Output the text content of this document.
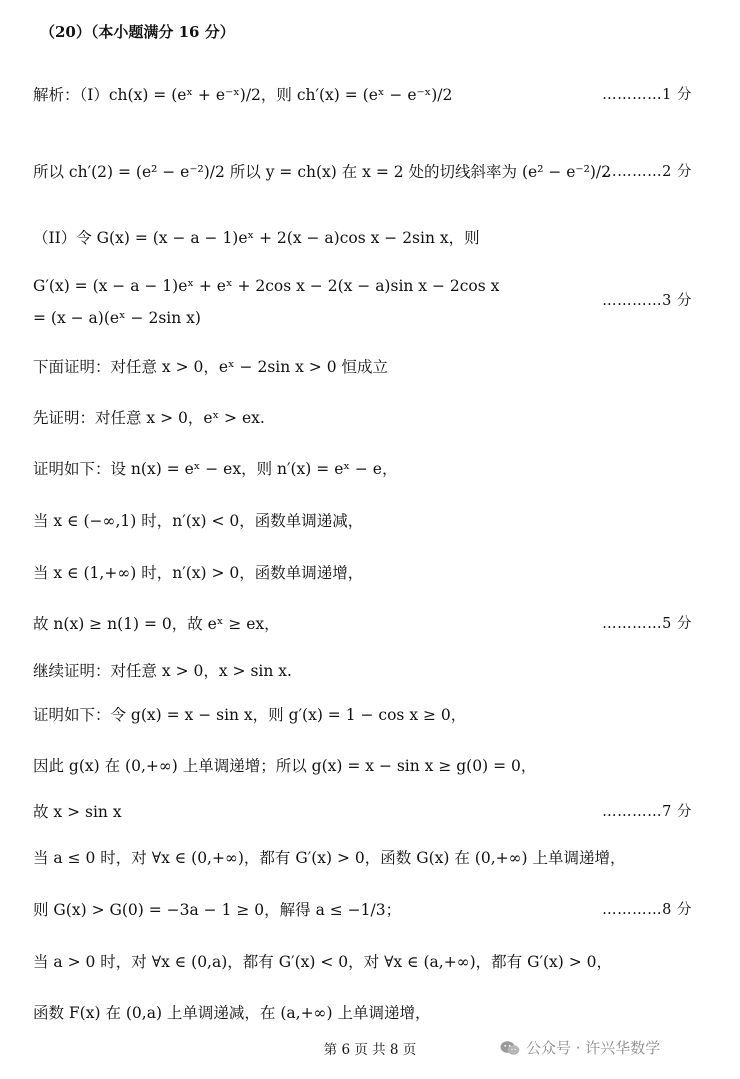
（20）（本小题满分 16 分）
解析：（I）ch(x) = (eˣ + e⁻ˣ)/2，则 ch′(x) = (eˣ − e⁻ˣ)/2	…………1 分
所以 ch′(2) = (e² − e⁻²)/2 所以 y = ch(x) 在 x = 2 处的切线斜率为 (e² − e⁻²)/2
…………2 分
（II）令 G(x) = (x − a − 1)eˣ + 2(x − a)cos x − 2sin x，则
G′(x) = (x − a − 1)eˣ + eˣ + 2cos x − 2(x − a)sin x − 2cos x
= (x − a)(eˣ − 2sin x)
…………3 分
下面证明：对任意 x > 0，eˣ − 2sin x > 0 恒成立
先证明：对任意 x > 0，eˣ > ex.
证明如下：设 n(x) = eˣ − ex，则 n′(x) = eˣ − e，
当 x ∈ (−∞,1) 时，n′(x) < 0，函数单调递减，
当 x ∈ (1,+∞) 时，n′(x) > 0，函数单调递增，
故 n(x) ≥ n(1) = 0，故 eˣ ≥ ex，	…………5 分
继续证明：对任意 x > 0，x > sin x.
证明如下：令 g(x) = x − sin x，则 g′(x) = 1 − cos x ≥ 0，
因此 g(x) 在 (0,+∞) 上单调递增；所以 g(x) = x − sin x ≥ g(0) = 0，
故 x > sin x	…………7 分
当 a ≤ 0 时，对 ∀x ∈ (0,+∞)，都有 G′(x) > 0，函数 G(x) 在 (0,+∞) 上单调递增，
则 G(x) > G(0) = −3a − 1 ≥ 0，解得 a ≤ −1/3；	…………8 分
当 a > 0 时，对 ∀x ∈ (0,a)，都有 G′(x) < 0，对 ∀x ∈ (a,+∞)，都有 G′(x) > 0，
函数 F(x) 在 (0,a) 上单调递减，在 (a,+∞) 上单调递增，
第 6 页 共 8 页	公众号 · 许兴华数学
